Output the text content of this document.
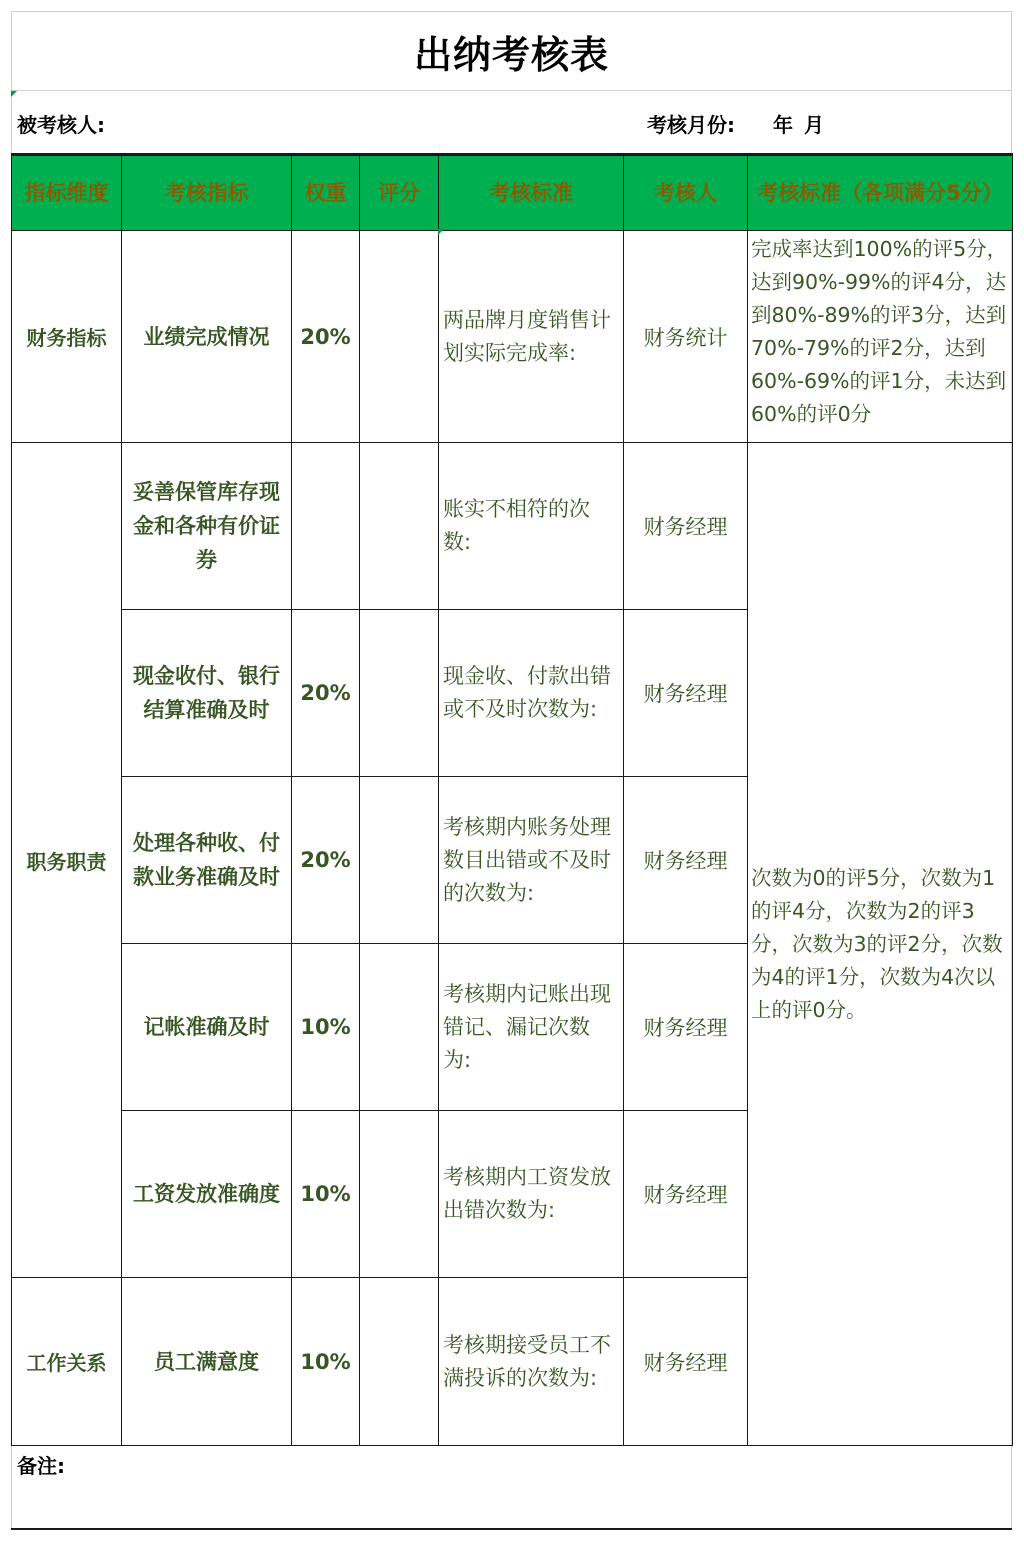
出纳考核表
被考核人:	考核月份: 年 月
指标维度	考核指标	权重	评分	考核标准	考核人	考核标准（各项满分5分）
财务指标	业绩完成情况	20%		两品牌月度销售计划实际完成率:	财务统计	完成率达到100%的评5分，达到90%-99%的评4分，达到80%-89%的评3分，达到70%-79%的评2分，达到60%-69%的评1分，未达到60%的评0分
职务职责	妥善保管库存现金和各种有价证券			账实不相符的次数:	财务经理	次数为0的评5分，次数为1的评4分，次数为2的评3分，次数为3的评2分，次数为4的评1分，次数为4次以上的评0分。
	现金收付、银行结算准确及时	20%		现金收、付款出错或不及时次数为:	财务经理	
	处理各种收、付款业务准确及时	20%		考核期内账务处理数目出错或不及时的次数为:	财务经理	
	记帐准确及时	10%		考核期内记账出现错记、漏记次数为:	财务经理	
	工资发放准确度	10%		考核期内工资发放出错次数为:	财务经理	
工作关系	员工满意度	10%		考核期接受员工不满投诉的次数为:	财务经理	
备注:
